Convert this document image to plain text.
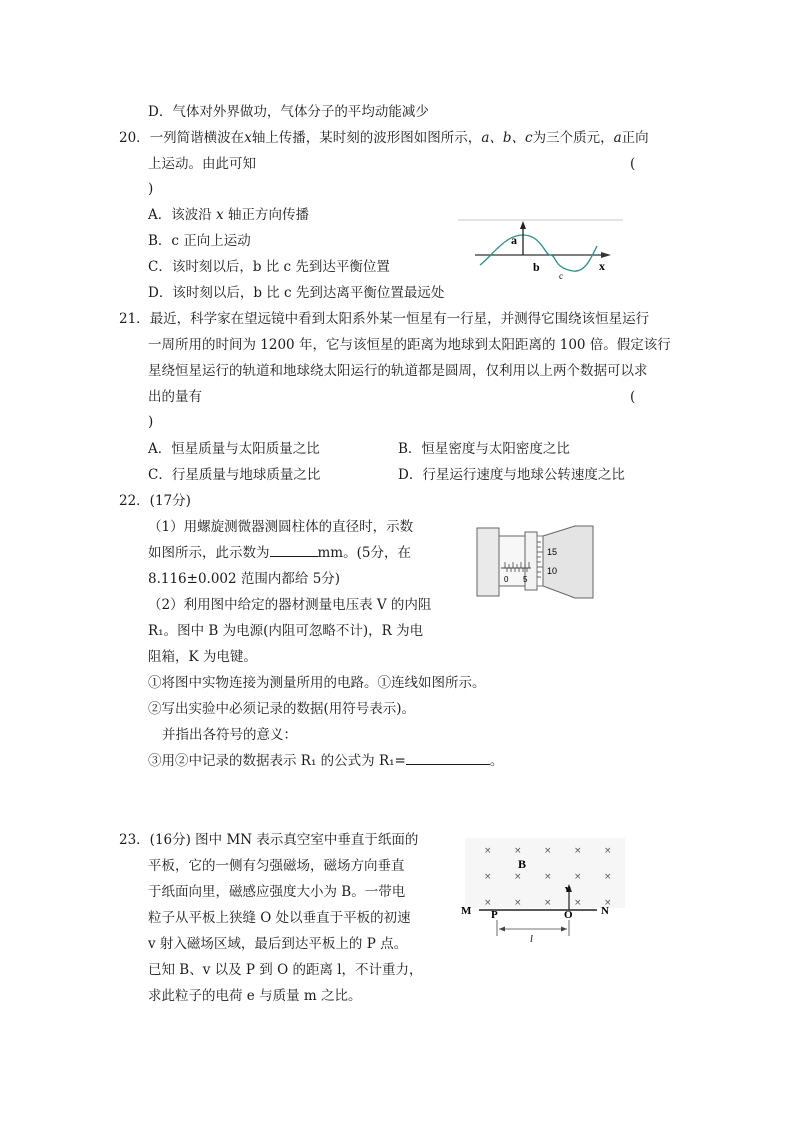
D．气体对外界做功，气体分子的平均动能减少
20．一列简谐横波在x轴上传播，某时刻的波形图如图所示，a、b、c为三个质元，a正向
上运动。由此可知	(
)
A．该波沿 x 轴正方向传播
B．c 正向上运动
C．该时刻以后，b 比 c 先到达平衡位置
D．该时刻以后，b 比 c 先到达离平衡位置最远处
a
b
c
x
21．最近，科学家在望远镜中看到太阳系外某一恒星有一行星，并测得它围绕该恒星运行
一周所用的时间为 1200 年，它与该恒星的距离为地球到太阳距离的 100 倍。假定该行
星绕恒星运行的轨道和地球绕太阳运行的轨道都是圆周，仅利用以上两个数据可以求
出的量有	(
)
A．恒星质量与太阳质量之比	B．恒星密度与太阳密度之比
C．行星质量与地球质量之比	D．行星运行速度与地球公转速度之比
22．(17分)
（1）用螺旋测微器测圆柱体的直径时，示数
如图所示，此示数为	mm。(5分，在
8.116±0.002 范围内都给 5分)
（2）利用图中给定的器材测量电压表 V 的内阻
R₁。图中 B 为电源(内阻可忽略不计)，R 为电
阻箱，K 为电键。
①将图中实物连接为测量所用的电路。①连线如图所示。
②写出实验中必须记录的数据(用符号表示)。
并指出各符号的意义：
③用②中记录的数据表示 R₁ 的公式为 R₁=	。
15
10
0 5
23．(16分) 图中 MN 表示真空室中垂直于纸面的
平板，它的一侧有匀强磁场，磁场方向垂直
于纸面向里，磁感应强度大小为 B。一带电
粒子从平板上狭缝 O 处以垂直于平板的初速
v 射入磁场区域，最后到达平板上的 P 点。
已知 B、v 以及 P 到 O 的距离 l，不计重力，
求此粒子的电荷 e 与质量 m 之比。
× × × × ×
× × × × ×
× × × × ×
B
v
M P	O	N
l
